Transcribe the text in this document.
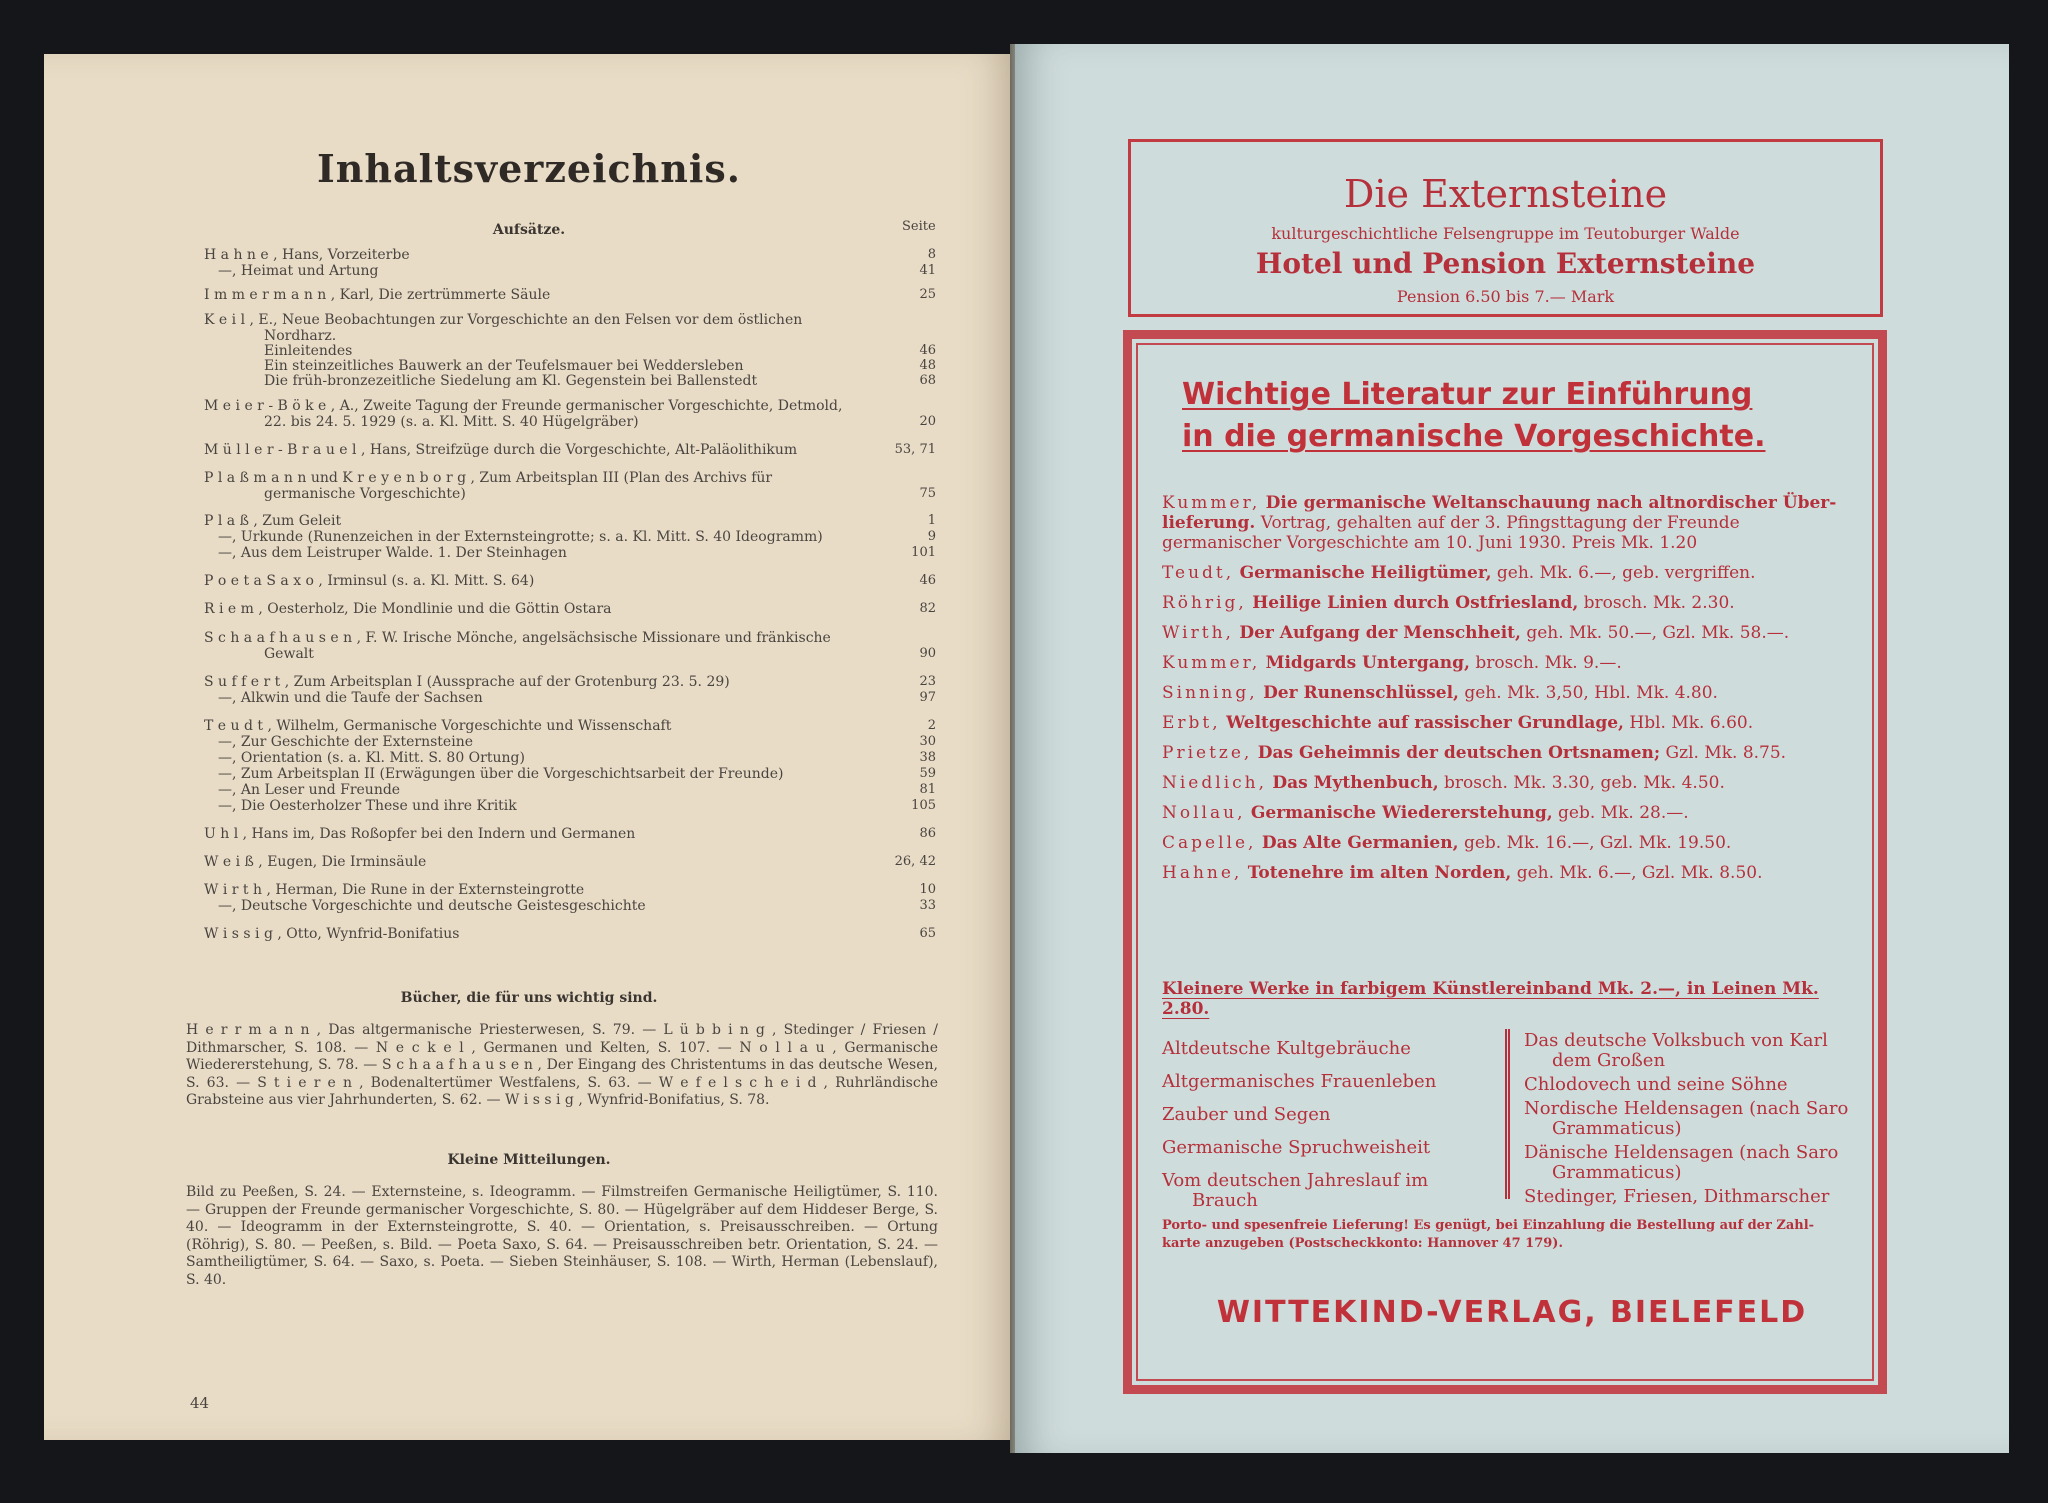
Inhaltsverzeichnis.
Aufsätze.	Seite
H a h n e , Hans, Vorzeiterbe	8
—, Heimat und Artung	41
I m m e r m a n n , Karl, Die zertrümmerte Säule	25
K e i l , E., Neue Beobachtungen zur Vorgeschichte an den Felsen vor dem östlichen
Nordharz.
Einleitendes	46
Ein steinzeitliches Bauwerk an der Teufelsmauer bei Weddersleben	48
Die früh-bronzezeitliche Siedelung am Kl. Gegenstein bei Ballenstedt	68
M e i e r - B ö k e , A., Zweite Tagung der Freunde germanischer Vorgeschichte, Detmold,
22. bis 24. 5. 1929 (s. a. Kl. Mitt. S. 40 Hügelgräber)	20
M ü l l e r - B r a u e l , Hans, Streifzüge durch die Vorgeschichte, Alt-Paläolithikum	53, 71
P l a ß m a n n und K r e y e n b o r g , Zum Arbeitsplan III (Plan des Archivs für
germanische Vorgeschichte)	75
P l a ß , Zum Geleit	1
—, Urkunde (Runenzeichen in der Externsteingrotte; s. a. Kl. Mitt. S. 40 Ideogramm)	9
—, Aus dem Leistruper Walde. 1. Der Steinhagen	101
P o e t a S a x o , Irminsul (s. a. Kl. Mitt. S. 64)	46
R i e m , Oesterholz, Die Mondlinie und die Göttin Ostara	82
S c h a a f h a u s e n , F. W. Irische Mönche, angelsächsische Missionare und fränkische
Gewalt	90
S u f f e r t , Zum Arbeitsplan I (Aussprache auf der Grotenburg 23. 5. 29)	23
—, Alkwin und die Taufe der Sachsen	97
T e u d t , Wilhelm, Germanische Vorgeschichte und Wissenschaft	2
—, Zur Geschichte der Externsteine	30
—, Orientation (s. a. Kl. Mitt. S. 80 Ortung)	38
—, Zum Arbeitsplan II (Erwägungen über die Vorgeschichtsarbeit der Freunde)	59
—, An Leser und Freunde	81
—, Die Oesterholzer These und ihre Kritik	105
U h l , Hans im, Das Roßopfer bei den Indern und Germanen	86
W e i ß , Eugen, Die Irminsäule	26, 42
W i r t h , Herman, Die Rune in der Externsteingrotte	10
—, Deutsche Vorgeschichte und deutsche Geistesgeschichte	33
W i s s i g , Otto, Wynfrid-Bonifatius	65
Bücher, die für uns wichtig sind.
H e r r m a n n , Das altgermanische Priesterwesen, S. 79. — L ü b b i n g , Stedinger / Friesen / Dithmarscher, S. 108. — N e c k e l , Germanen und Kelten, S. 107. — N o l l a u , Germanische Wiedererstehung, S. 78. — S c h a a f h a u s e n , Der Eingang des Christentums in das deutsche Wesen, S. 63. — S t i e r e n , Bodenaltertümer Westfalens, S. 63. — W e f e l s c h e i d , Ruhrländische Grabsteine aus vier Jahrhunderten, S. 62. — W i s s i g , Wynfrid-Bonifatius, S. 78.
Kleine Mitteilungen.
Bild zu Peeßen, S. 24. — Externsteine, s. Ideogramm. — Filmstreifen Germanische Heiligtümer, S. 110. — Gruppen der Freunde germanischer Vorgeschichte, S. 80. — Hügelgräber auf dem Hiddeser Berge, S. 40. — Ideogramm in der Externsteingrotte, S. 40. — Orientation, s. Preisausschreiben. — Ortung (Röhrig), S. 80. — Peeßen, s. Bild. — Poeta Saxo, S. 64. — Preisausschreiben betr. Orientation, S. 24. — Samtheiligtümer, S. 64. — Saxo, s. Poeta. — Sieben Steinhäuser, S. 108. — Wirth, Herman (Lebenslauf), S. 40.
44
Die Externsteine
kulturgeschichtliche Felsengruppe im Teutoburger Walde
Hotel und Pension Externsteine
Pension 6.50 bis 7.— Mark
Wichtige Literatur zur Einführung
in die germanische Vorgeschichte.
Kummer, Die germanische Weltanschauung nach altnordischer Über-
lieferung. Vortrag, gehalten auf der 3. Pfingsttagung der Freunde
germanischer Vorgeschichte am 10. Juni 1930. Preis Mk. 1.20
Teudt, Germanische Heiligtümer, geh. Mk. 6.—, geb. vergriffen.
Röhrig, Heilige Linien durch Ostfriesland, brosch. Mk. 2.30.
Wirth, Der Aufgang der Menschheit, geh. Mk. 50.—, Gzl. Mk. 58.—.
Kummer, Midgards Untergang, brosch. Mk. 9.—.
Sinning, Der Runenschlüssel, geh. Mk. 3,50, Hbl. Mk. 4.80.
Erbt, Weltgeschichte auf rassischer Grundlage, Hbl. Mk. 6.60.
Prietze, Das Geheimnis der deutschen Ortsnamen; Gzl. Mk. 8.75.
Niedlich, Das Mythenbuch, brosch. Mk. 3.30, geb. Mk. 4.50.
Nollau, Germanische Wiedererstehung, geb. Mk. 28.—.
Capelle, Das Alte Germanien, geb. Mk. 16.—, Gzl. Mk. 19.50.
Hahne, Totenehre im alten Norden, geh. Mk. 6.—, Gzl. Mk. 8.50.
Kleinere Werke in farbigem Künstlereinband Mk. 2.—, in Leinen Mk. 2.80.
Altdeutsche Kultgebräuche
Altgermanisches Frauenleben
Zauber und Segen
Germanische Spruchweisheit
Vom deutschen Jahreslauf im
Brauch
Das deutsche Volksbuch von Karl
dem Großen
Chlodovech und seine Söhne
Nordische Heldensagen (nach Saro
Grammaticus)
Dänische Heldensagen (nach Saro
Grammaticus)
Stedinger, Friesen, Dithmarscher
Porto- und spesenfreie Lieferung! Es genügt, bei Einzahlung die Bestellung auf der Zahl-
karte anzugeben (Postscheckkonto: Hannover 47 179).
WITTEKIND-VERLAG, BIELEFELD
